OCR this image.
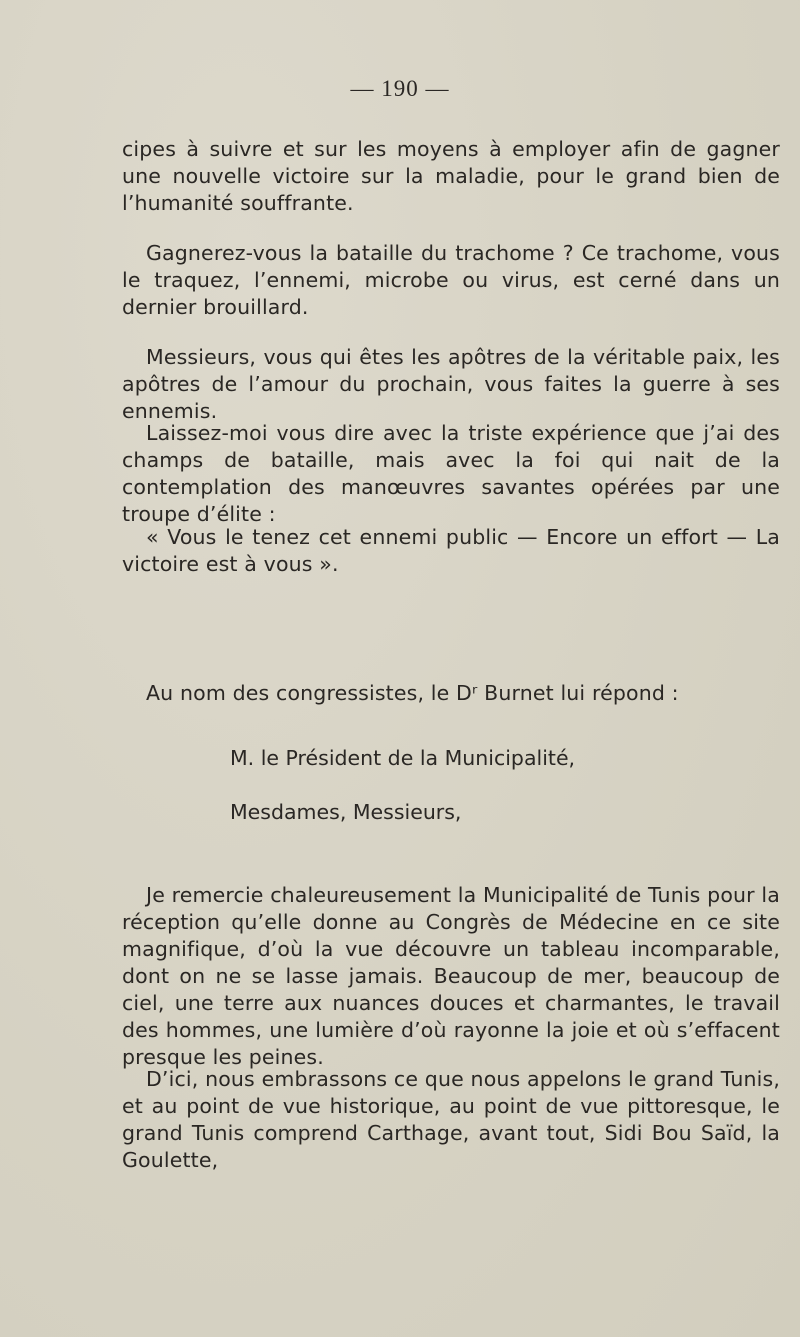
— 190 —

cipes à suivre et sur les moyens à employer afin de gagner une nouvelle victoire sur la maladie, pour le grand bien de l’humanité souffrante.

Gagnerez-vous la bataille du trachome ? Ce trachome, vous le traquez, l’ennemi, microbe ou virus, est cerné dans un dernier brouillard.

Messieurs, vous qui êtes les apôtres de la véritable paix, les apôtres de l’amour du prochain, vous faites la guerre à ses ennemis.

Laissez-moi vous dire avec la triste expérience que j’ai des champs de bataille, mais avec la foi qui nait de la contemplation des manœuvres savantes opérées par une troupe d’élite :

« Vous le tenez cet ennemi public — Encore un effort — La victoire est à vous ».

Au nom des congressistes, le Dʳ Burnet lui répond :

M. le Président de la Municipalité,
Mesdames, Messieurs,

Je remercie chaleureusement la Municipalité de Tunis pour la réception qu’elle donne au Congrès de Médecine en ce site magnifique, d’où la vue découvre un tableau incomparable, dont on ne se lasse jamais. Beaucoup de mer, beaucoup de ciel, une terre aux nuances douces et charmantes, le travail des hommes, une lumière d’où rayonne la joie et où s’effacent presque les peines.

D’ici, nous embrassons ce que nous appelons le grand Tunis, et au point de vue historique, au point de vue pittoresque, le grand Tunis comprend Carthage, avant tout, Sidi Bou Saïd, la Goulette,
